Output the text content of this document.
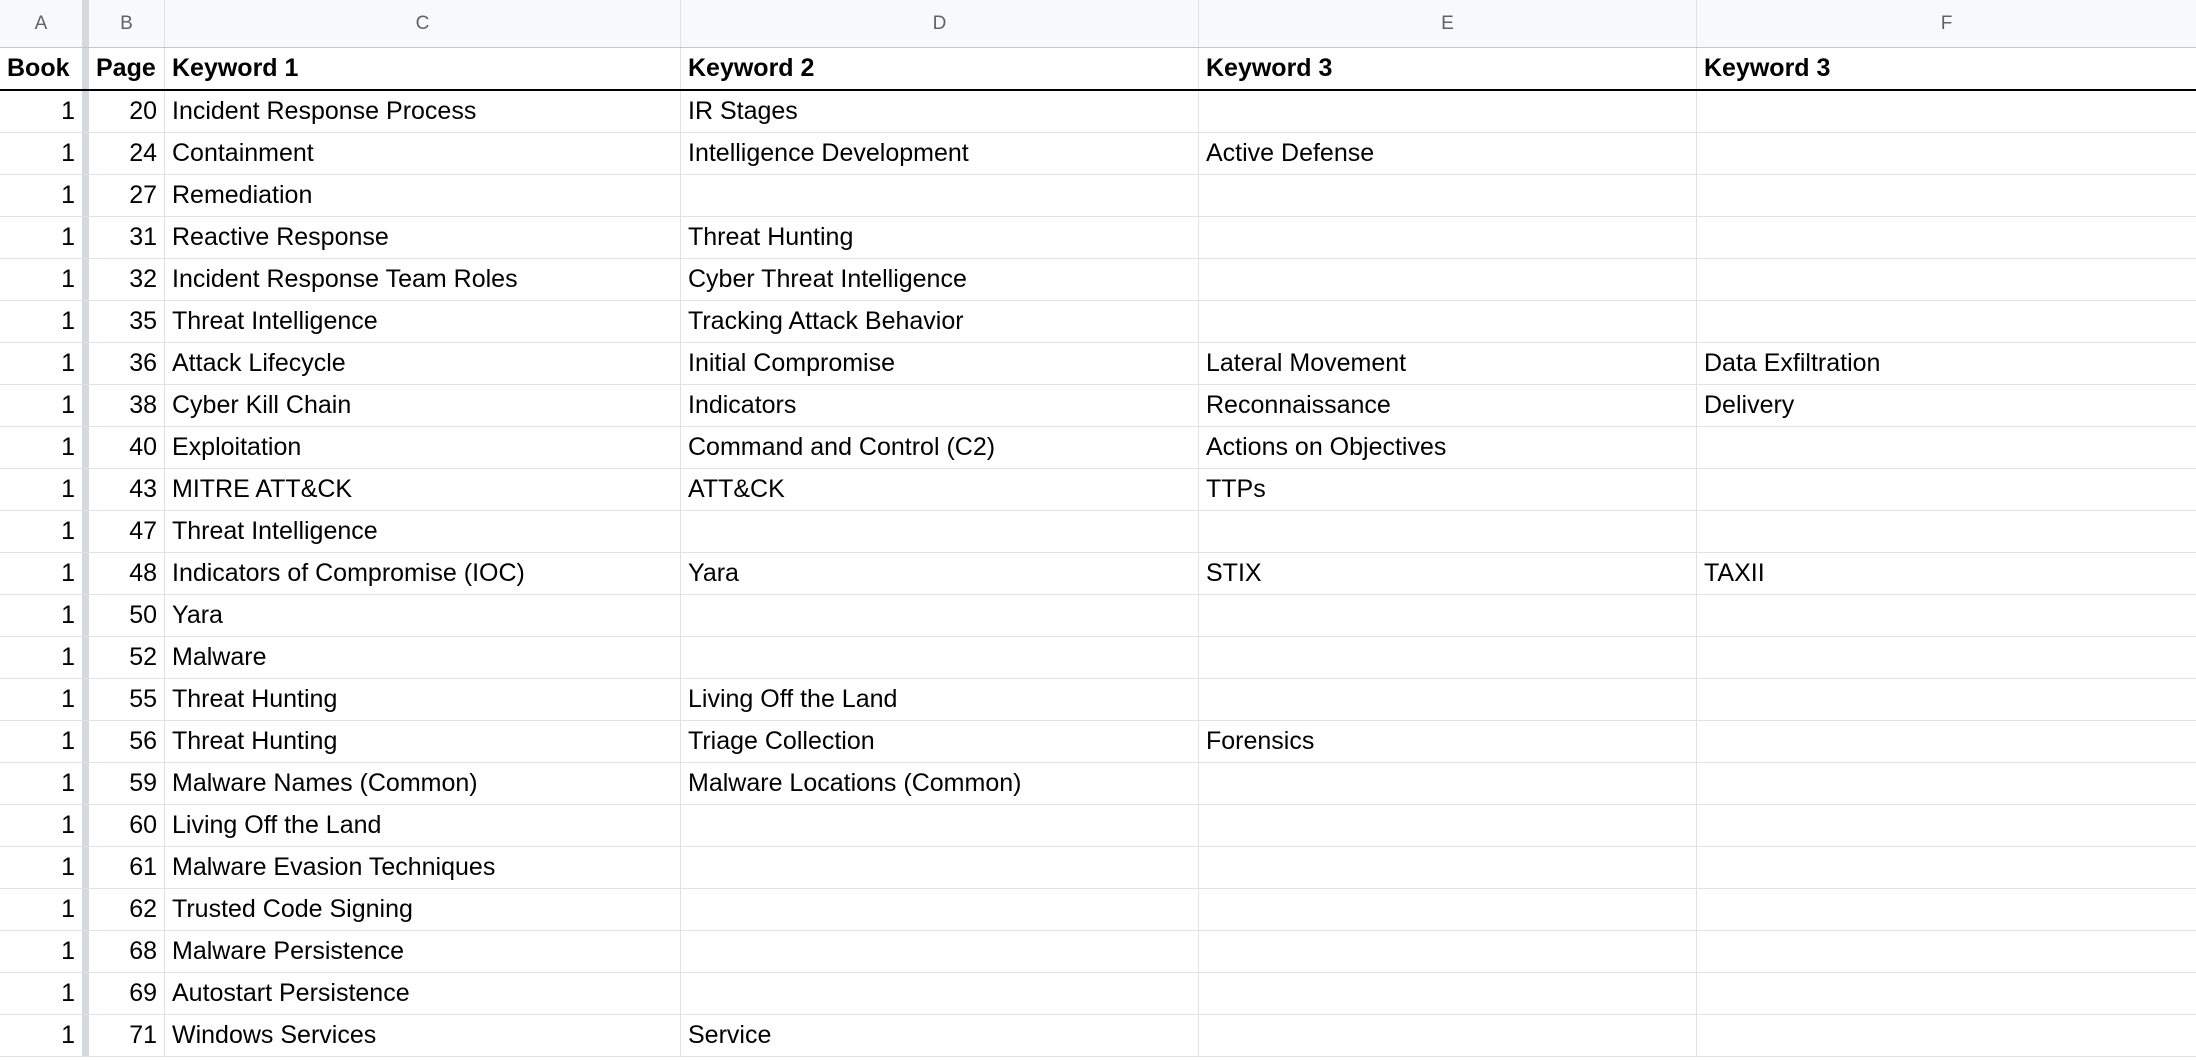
A	B	C	D	E	F
Book	Page Keyword 1	Keyword 2	Keyword 3	Keyword 3
1	20 Incident Response Process	IR Stages
1	24 Containment	Intelligence Development	Active Defense
1	27 Remediation
1	31 Reactive Response	Threat Hunting
1	32 Incident Response Team Roles	Cyber Threat Intelligence
1	35 Threat Intelligence	Tracking Attack Behavior
1	36 Attack Lifecycle	Initial Compromise	Lateral Movement	Data Exfiltration
1	38 Cyber Kill Chain	Indicators	Reconnaissance	Delivery
1	40 Exploitation	Command and Control (C2)	Actions on Objectives
1	43 MITRE ATT&CK	ATT&CK	TTPs
1	47 Threat Intelligence
1	48 Indicators of Compromise (IOC)	Yara	STIX	TAXII
1	50 Yara
1	52 Malware
1	55 Threat Hunting	Living Off the Land
1	56 Threat Hunting	Triage Collection	Forensics
1	59 Malware Names (Common)	Malware Locations (Common)
1	60 Living Off the Land
1	61 Malware Evasion Techniques
1	62 Trusted Code Signing
1	68 Malware Persistence
1	69 Autostart Persistence
1	71 Windows Services	Service
